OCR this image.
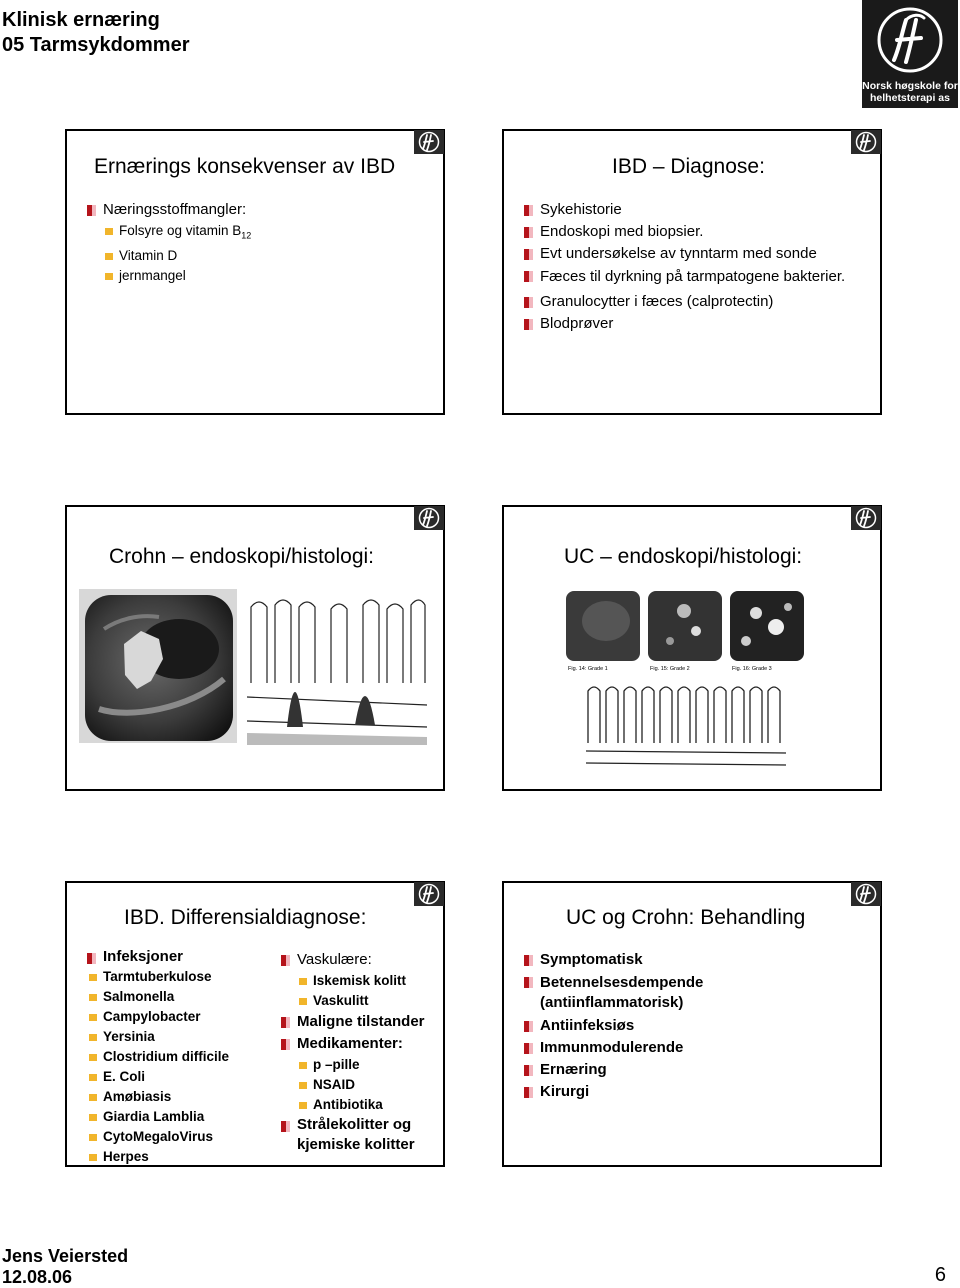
Klinisk ernæring
05 Tarmsykdommer
Norsk høgskole for
helhetsterapi as
Ernærings konsekvenser av IBD
Næringsstoffmangler:
Folsyre og vitamin $B_{12}$
Vitamin D
jernmangel
IBD – Diagnose:
Sykehistorie
Endoskopi med biopsier.
Evt undersøkelse av tynntarm med sonde
Fæces til dyrkning på tarmpatogene bakterier.
Granulocytter i fæces (calprotectin)
Blodprøver
Crohn – endoskopi/histologi:	UC – endoskopi/histologi:
Fig. 14: Grade 1	Fig. 15: Grade 2	Fig. 16: Grade 3
IBD. Differensialdiagnose:
Infeksjoner
Tarmtuberkulose
Salmonella
Campylobacter
Yersinia
Clostridium difficile
E. Coli
Amøbiasis
Giardia Lamblia
CytoMegaloVirus
Herpes
Vaskulære:
Iskemisk kolitt
Vaskulitt
Maligne tilstander
Medikamenter:
p –pille
NSAID
Antibiotika
Strålekolitter og kjemiske kolitter
UC og Crohn: Behandling
Symptomatisk
Betennelsesdempende (antiinflammatorisk)
Antiinfeksiøs
Immunmodulerende
Ernæring
Kirurgi
Jens Veiersted
12.08.06	6
